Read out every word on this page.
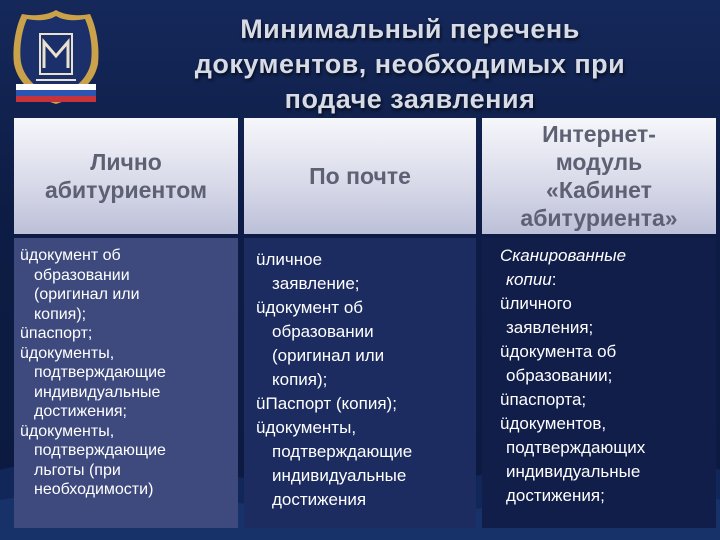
Минимальный перечень
документов, необходимых при
подаче заявления
Лично
абитуриентом
По почте
Интернет-
модуль
«Кабинет
абитуриента»
üдокумент об
образовании
(оригинал или
копия);
üпаспорт;
üдокументы,
подтверждающие
индивидуальные
достижения;
üдокументы,
подтверждающие
льготы (при
необходимости)
üличное
заявление;
üдокумент об
образовании
(оригинал или
копия);
üПаспорт (копия);
üдокументы,
подтверждающие
индивидуальные
достижения
Сканированные
копии:
üличного
заявления;
üдокумента об
образовании;
üпаспорта;
üдокументов,
подтверждающих
индивидуальные
достижения;
